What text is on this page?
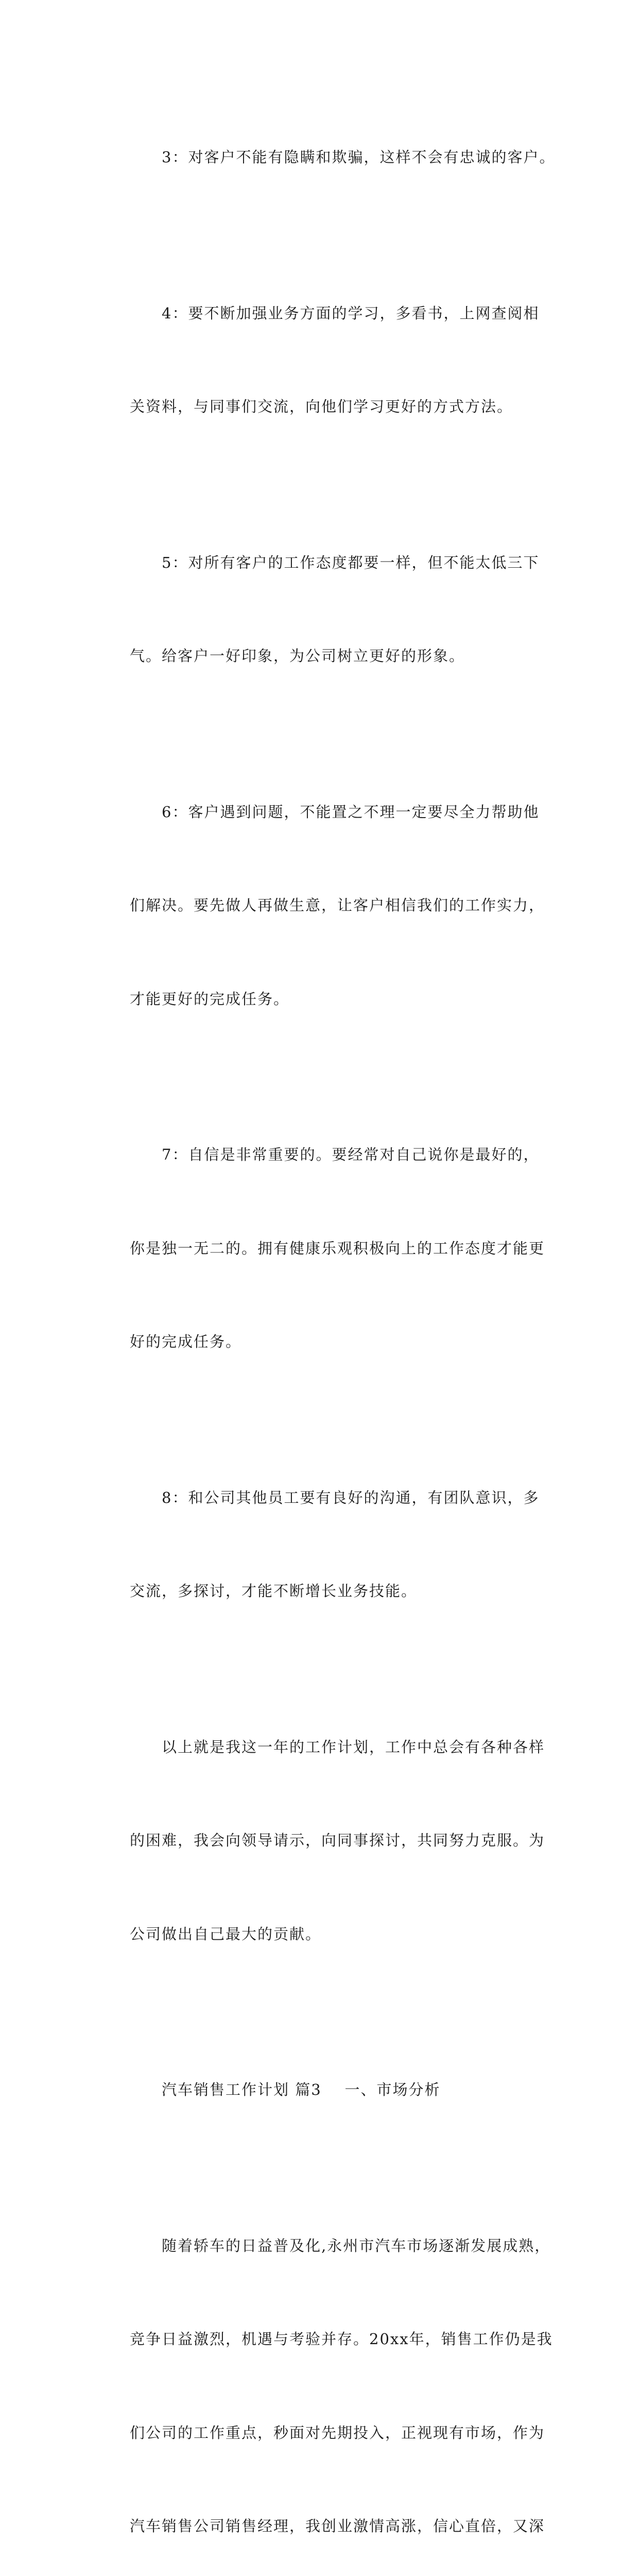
3：对客户不能有隐瞒和欺骗，这样不会有忠诚的客户。

4：要不断加强业务方面的学习，多看书，上网查阅相

关资料，与同事们交流，向他们学习更好的方式方法。

5：对所有客户的工作态度都要一样，但不能太低三下

气。给客户一好印象，为公司树立更好的形象。

6：客户遇到问题，不能置之不理一定要尽全力帮助他

们解决。要先做人再做生意，让客户相信我们的工作实力，

才能更好的完成任务。

7：自信是非常重要的。要经常对自己说你是最好的，

你是独一无二的。拥有健康乐观积极向上的工作态度才能更

好的完成任务。

8：和公司其他员工要有良好的沟通，有团队意识，多

交流，多探讨，才能不断增长业务技能。

以上就是我这一年的工作计划，工作中总会有各种各样

的困难，我会向领导请示，向同事探讨，共同努力克服。为

公司做出自己最大的贡献。

汽车销售工作计划 篇3    一、市场分析

随着轿车的日益普及化,永州市汽车市场逐渐发展成熟，

竞争日益激烈，机遇与考验并存。20xx年，销售工作仍是我

们公司的工作重点，秒面对先期投入，正视现有市场，作为

汽车销售公司销售经理，我创业激情高涨，信心直倍，又深
